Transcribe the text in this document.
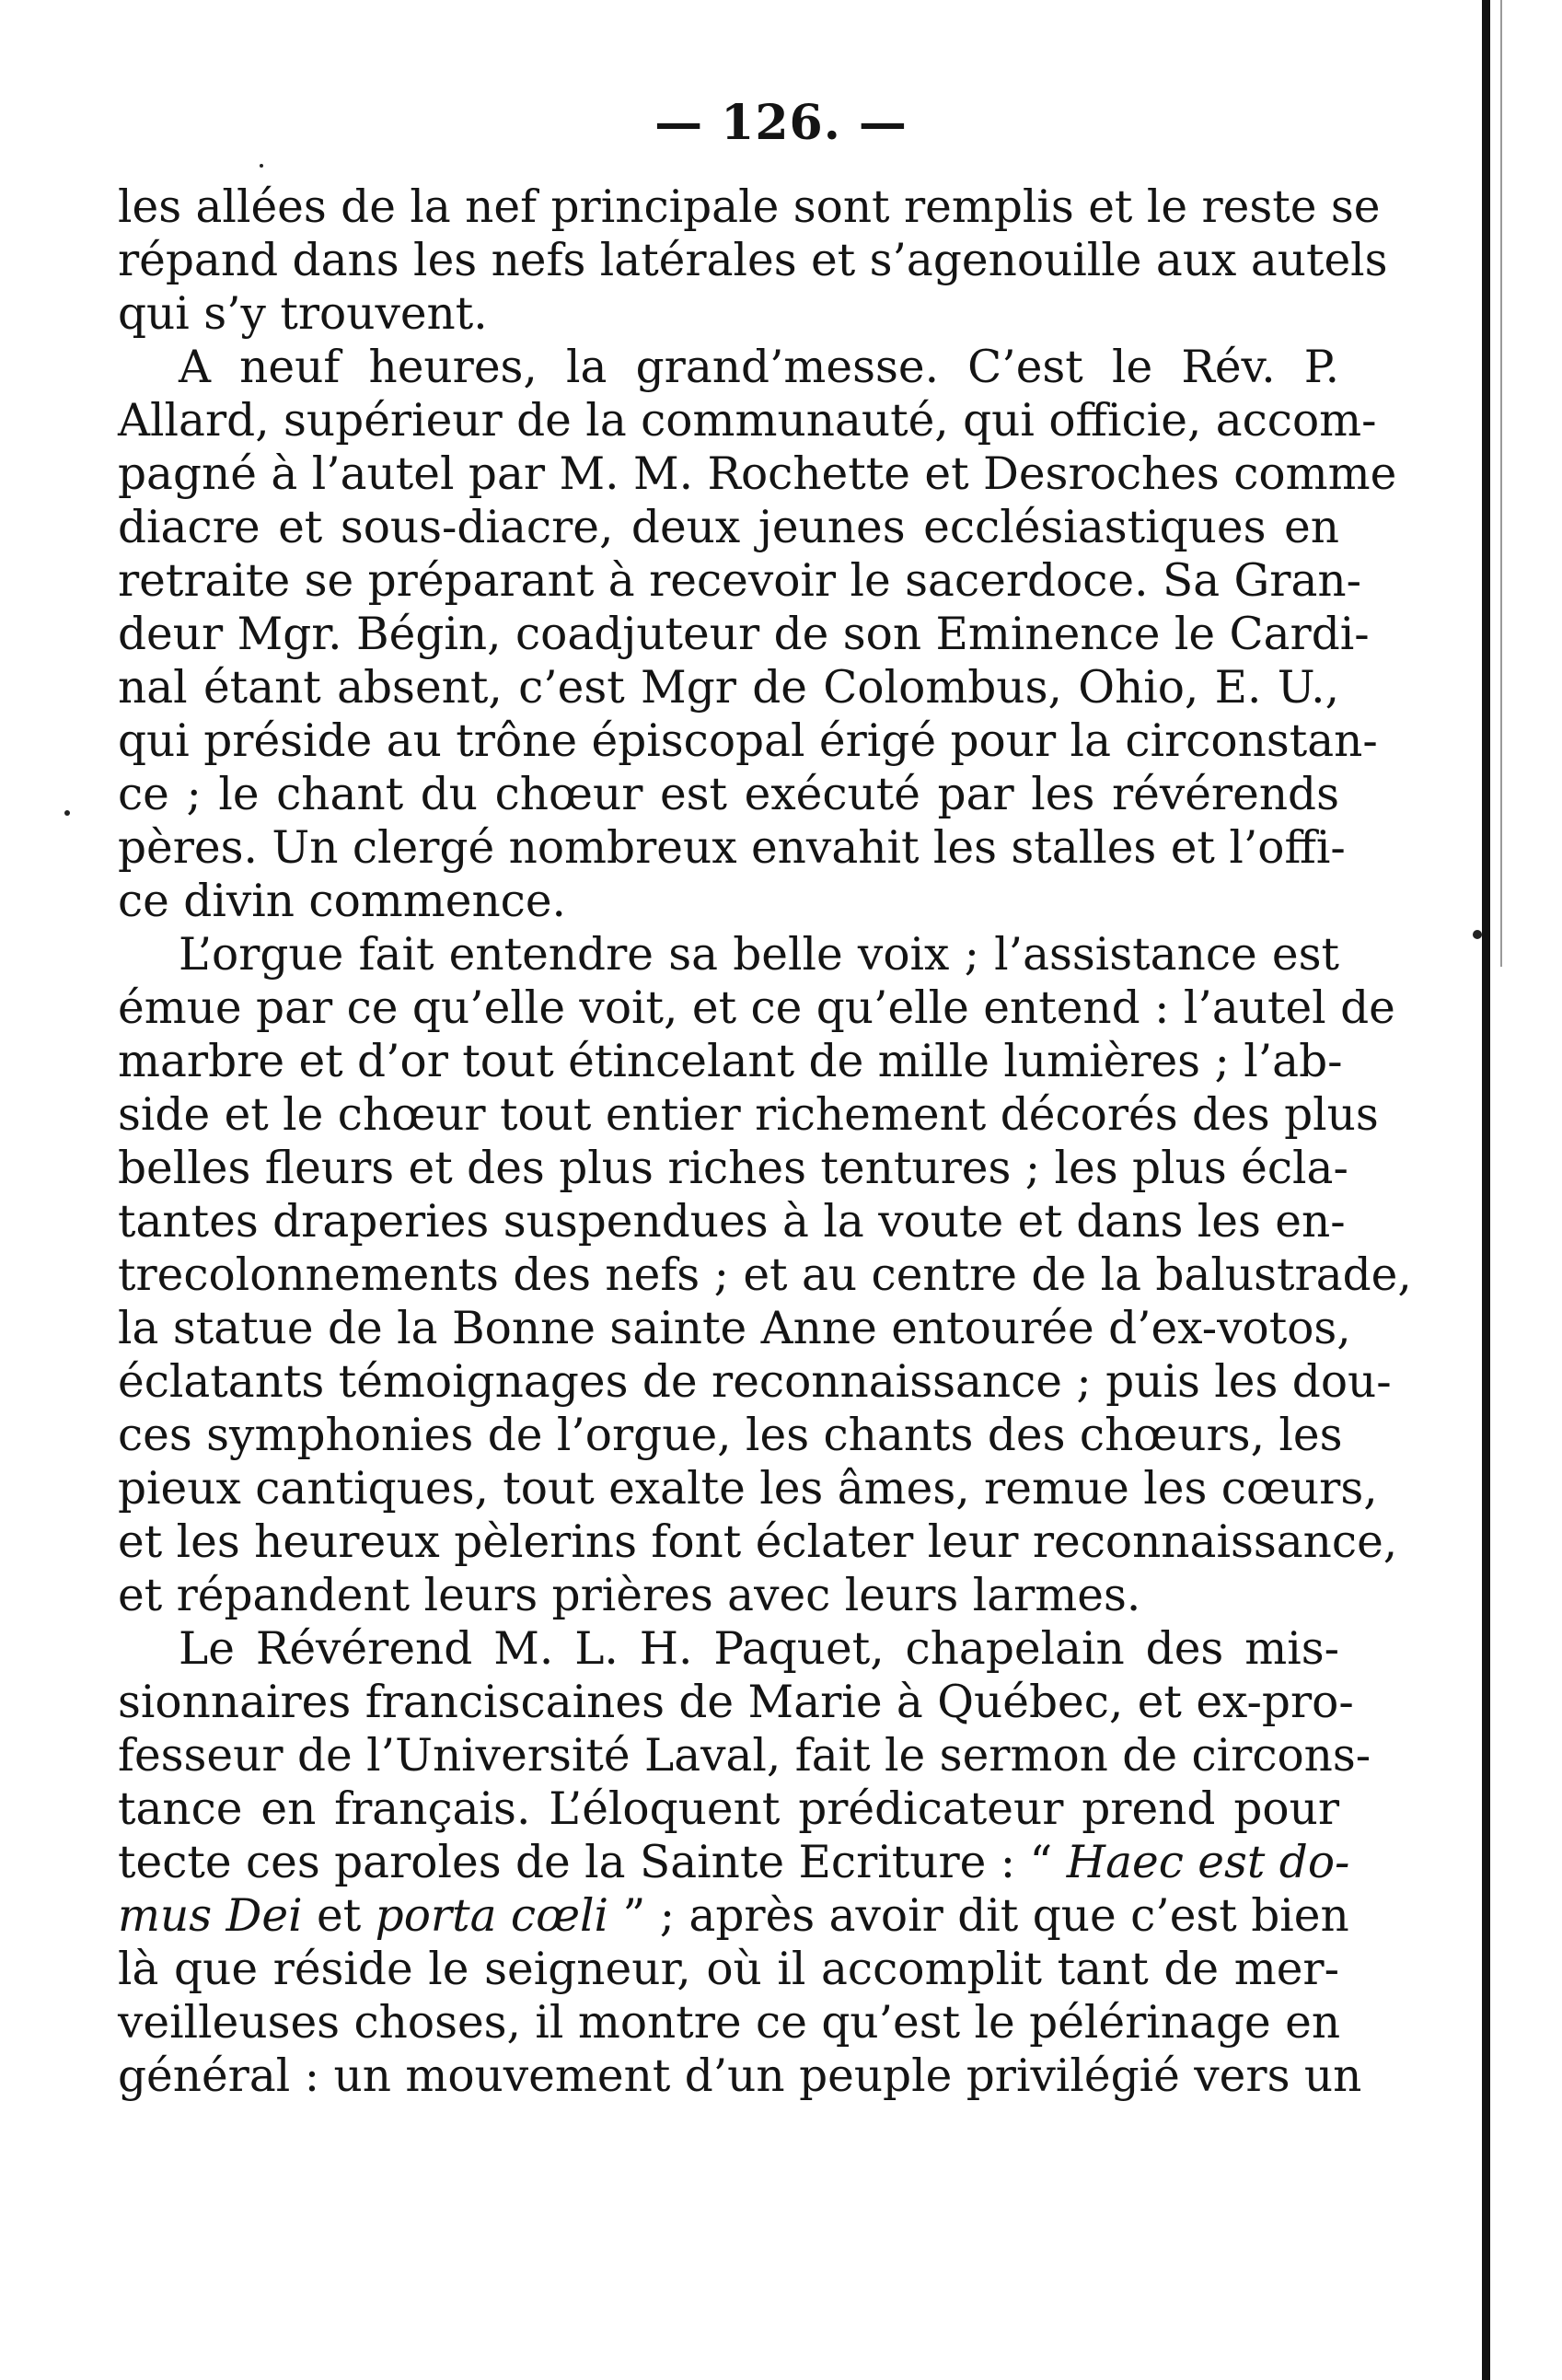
— 126. —
les allées de la nef principale sont remplis et le reste se
répand dans les nefs latérales et s’agenouille aux autels
qui s’y trouvent.
A neuf heures, la grand’messe. C’est le Rév. P.
Allard, supérieur de la communauté, qui officie, accom-
pagné à l’autel par M. M. Rochette et Desroches comme
diacre et sous-diacre, deux jeunes ecclésiastiques en
retraite se préparant à recevoir le sacerdoce. Sa Gran-
deur Mgr. Bégin, coadjuteur de son Eminence le Cardi-
nal étant absent, c’est Mgr de Colombus, Ohio, E. U.,
qui préside au trône épiscopal érigé pour la circonstan-
ce ; le chant du chœur est exécuté par les révérends
pères. Un clergé nombreux envahit les stalles et l’offi-
ce divin commence.
L’orgue fait entendre sa belle voix ; l’assistance est
émue par ce qu’elle voit, et ce qu’elle entend : l’autel de
marbre et d’or tout étincelant de mille lumières ; l’ab-
side et le chœur tout entier richement décorés des plus
belles fleurs et des plus riches tentures ; les plus écla-
tantes draperies suspendues à la voute et dans les en-
trecolonnements des nefs ; et au centre de la balustrade,
la statue de la Bonne sainte Anne entourée d’ex-votos,
éclatants témoignages de reconnaissance ; puis les dou-
ces symphonies de l’orgue, les chants des chœurs, les
pieux cantiques, tout exalte les âmes, remue les cœurs,
et les heureux pèlerins font éclater leur reconnaissance,
et répandent leurs prières avec leurs larmes.
Le Révérend M. L. H. Paquet, chapelain des mis-
sionnaires franciscaines de Marie à Québec, et ex-pro-
fesseur de l’Université Laval, fait le sermon de circons-
tance en français. L’éloquent prédicateur prend pour
tecte ces paroles de la Sainte Ecriture : “ Haec est do-
mus Dei et porta cœli ” ; après avoir dit que c’est bien
là que réside le seigneur, où il accomplit tant de mer-
veilleuses choses, il montre ce qu’est le pélérinage en
général : un mouvement d’un peuple privilégié vers un
